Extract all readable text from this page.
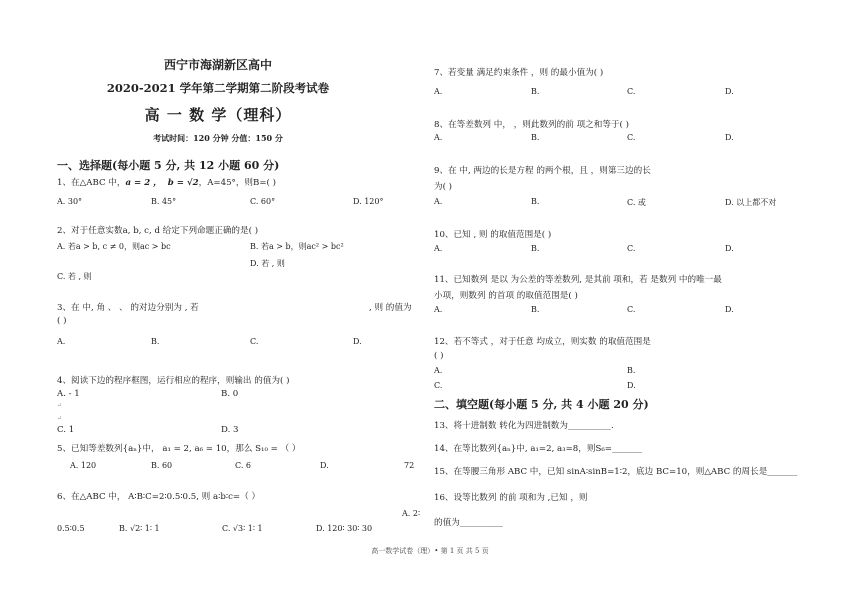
西宁市海湖新区高中
2020-2021 学年第二学期第二阶段考试卷
高 一 数 学（理科）
考试时间：120 分钟 分值：150 分
一、选择题(每小题 5 分, 共 12 小题 60 分)
1、在△ABC 中，a = 2 ， b = √2，A=45°，则B=( )
A. 30°	B. 45°	C. 60°	D. 120°
2、对于任意实数a, b, c, d 给定下列命题正确的是( )
A. 若a > b, c ≠ 0，则ac > bc	B. 若a > b，则ac² > bc²
D. 若 , 则
C. 若 , 则
3、在 中, 角 、 、 的对边分别为 , 若	, 则 的值为
( )
A.	B.	C.	D.
4、阅读下边的程序框图，运行相应的程序，则输出 的值为( )
A. - 1	B. 0
↵
↵
C. 1	D. 3
5、已知等差数列{aₙ}中， a₁ = 2, a₆ = 10，那么 S₁₀ = （ ）
A. 120	B. 60	C. 6	D.	72
6、在△ABC 中， A∶B∶C=2∶0.5∶0.5, 则 a∶b∶c=（ ）
A. 2∶
0.5∶0.5	B. √2∶ 1∶ 1	C. √3∶ 1∶ 1	D. 120∶ 30∶ 30
7、若变量 满足约束条件 ，则 的最小值为( )
A.	B.	C.	D.
8、在等差数列 中， ，则此数列的前 项之和等于( )
A.	B.	C.	D.
9、在 中, 两边的长是方程 的两个根，且 ，则第三边的长
为( )
A.	B.	C. 或	D. 以上都不对
10、已知 , 则 的取值范围是( )
A.	B.	C.	D.
11、已知数列 是以 为公差的等差数列, 是其前 项和，若 是数列 中的唯一最
小项，则数列 的首项 的取值范围是( )
A.	B.	C.	D.
12、若不等式 ，对于任意 均成立，则实数 的取值范围是
( )
A.	B.
C.	D.
二、填空题(每小题 5 分, 共 4 小题 20 分)
13、将十进制数 转化为四进制数为__________.
14、在等比数列{aₙ}中, a₁=2, a₃=8，则S₆=_______
15、在等腰三角形 ABC 中，已知 sinA∶sinB=1∶2，底边 BC=10，则△ABC 的周长是_______
16、设等比数列 的前 项和为 ,已知 ，则
的值为__________
高一数学试卷（理）• 第 1 页 共 5 页
